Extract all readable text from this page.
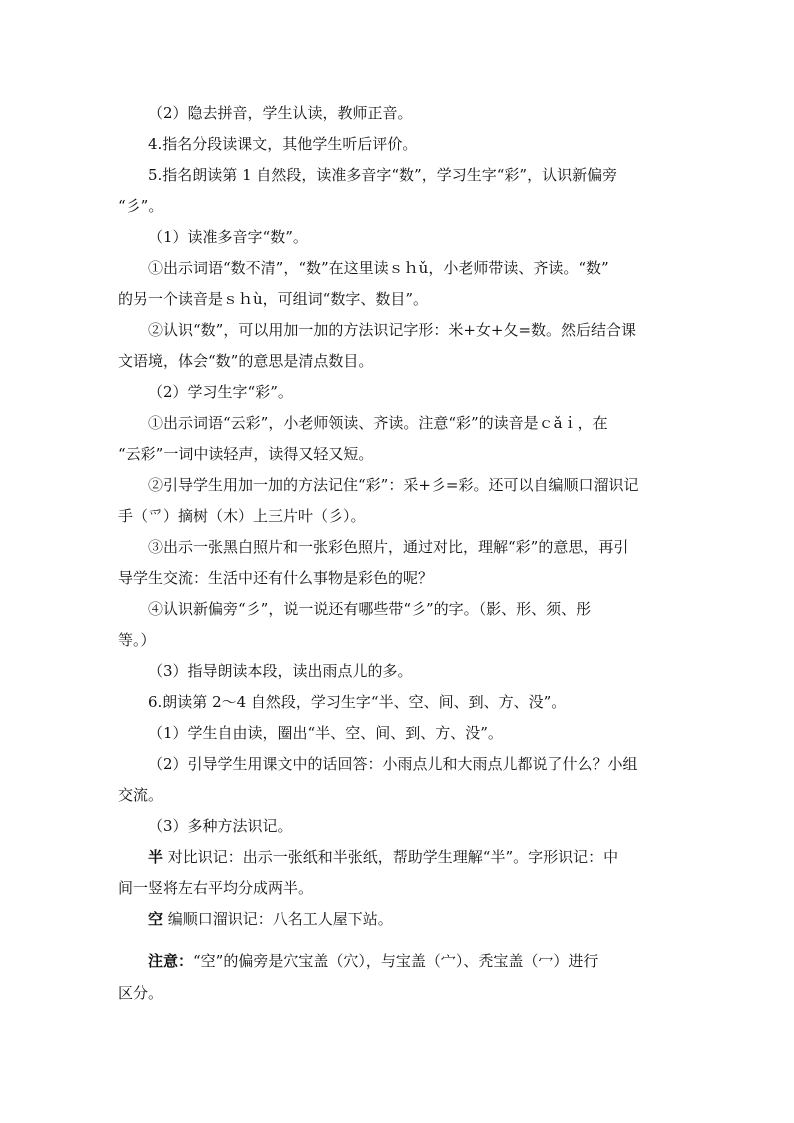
（2）隐去拼音，学生认读，教师正音。
4.指名分段读课文，其他学生听后评价。
5.指名朗读第 1 自然段，读准多音字“数”，学习生字“彩”，认识新偏旁
“彡”。
（1）读准多音字“数”。
①出示词语“数不清”，“数”在这里读ｓｈǔ，小老师带读、齐读。“数”
的另一个读音是ｓｈù，可组词“数字、数目”。
②认识“数”，可以用加一加的方法识记字形：米+女+夂=数。然后结合课
文语境，体会“数”的意思是清点数目。
（2）学习生字“彩”。
①出示词语“云彩”，小老师领读、齐读。注意“彩”的读音是ｃǎｉ，在
“云彩”一词中读轻声，读得又轻又短。
②引导学生用加一加的方法记住“彩”：采+彡=彩。还可以自编顺口溜识记
手（爫）摘树（木）上三片叶（彡）。
③出示一张黑白照片和一张彩色照片，通过对比，理解“彩”的意思，再引
导学生交流：生活中还有什么事物是彩色的呢？
④认识新偏旁“彡”，说一说还有哪些带“彡”的字。（影、形、须、彤
等。）
（3）指导朗读本段，读出雨点儿的多。
6.朗读第 2～4 自然段，学习生字“半、空、间、到、方、没”。
（1）学生自由读，圈出“半、空、间、到、方、没”。
（2）引导学生用课文中的话回答：小雨点儿和大雨点儿都说了什么？小组
交流。
（3）多种方法识记。
半 对比识记：出示一张纸和半张纸，帮助学生理解“半”。字形识记：中
间一竖将左右平均分成两半。
空 编顺口溜识记：八名工人屋下站。
注意：“空”的偏旁是穴宝盖（穴），与宝盖（宀）、秃宝盖（冖）进行
区分。
